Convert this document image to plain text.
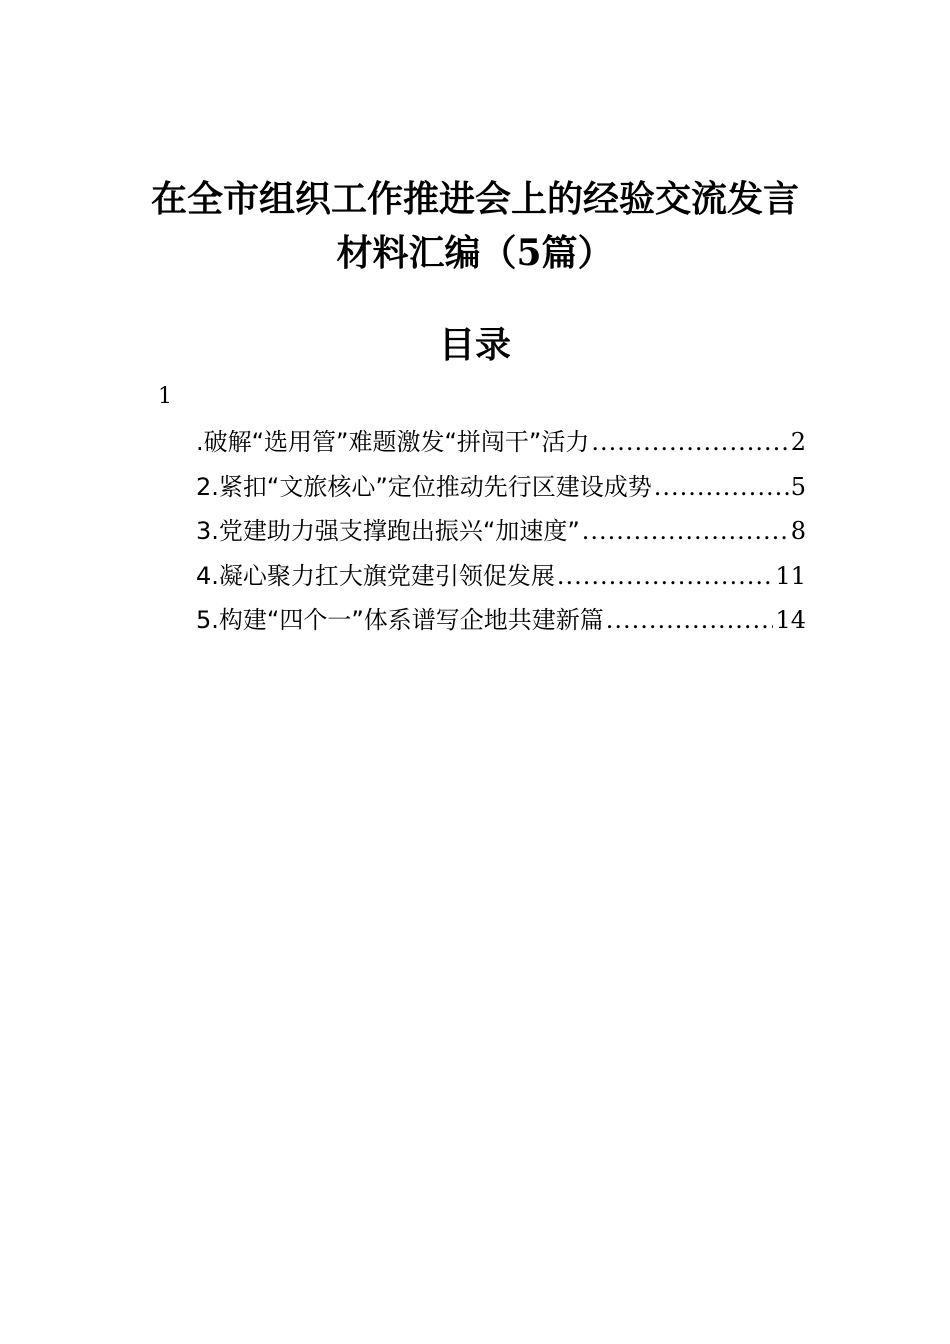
在全市组织工作推进会上的经验交流发言
材料汇编（5篇）
目录
1
.破解“选用管”难题激发“拼闯干”活力 .....	2
2.紧扣“文旅核心”定位推动先行区建设成势 .....	5
3.党建助力强支撑跑出振兴“加速度” .....	8
4.凝心聚力扛大旗党建引领促发展 .....	11
5.构建“四个一”体系谱写企地共建新篇 .....	14
